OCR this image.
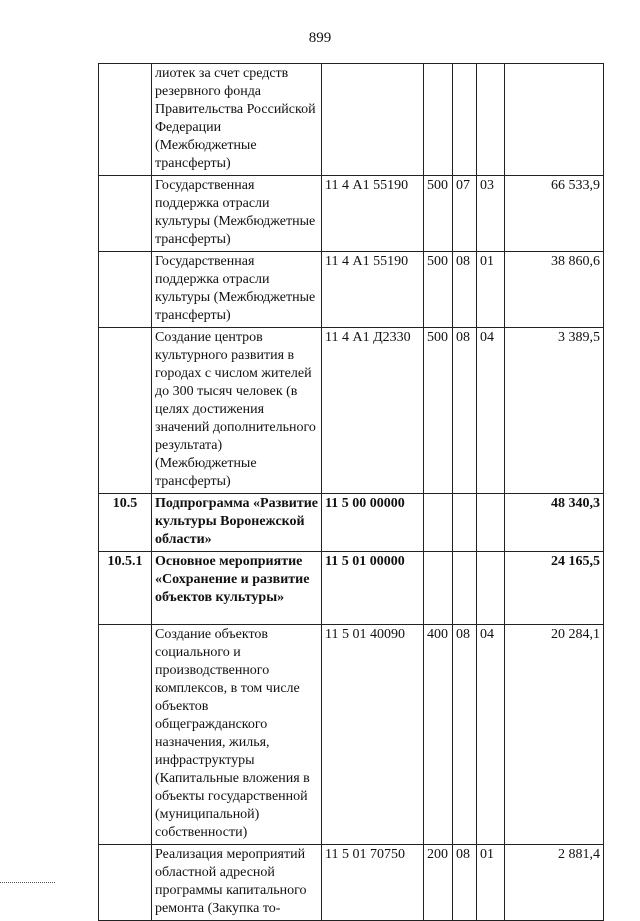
899
	лиотек за счет средств резервного фонда Правительства Российской Федерации (Межбюджетные трансферты)					
	Государственная поддержка отрасли культуры (Межбюджетные трансферты)	11 4 А1 55190	500	07	03	66 533,9
	Государственная поддержка отрасли культуры (Межбюджетные трансферты)	11 4 А1 55190	500	08	01	38 860,6
	Создание центров культурного развития в городах с числом жителей до 300 тысяч человек (в целях достижения значений дополнительного результата) (Межбюджетные трансферты)	11 4 А1 Д2330	500	08	04	3 389,5
10.5	Подпрограмма «Развитие культуры Воронежской области»	11 5 00 00000				48 340,3
10.5.1	Основное мероприятие «Сохранение и развитие объектов культуры»	11 5 01 00000				24 165,5
	Создание объектов социального и производственного комплексов, в том числе объектов общегражданского назначения, жилья, инфраструктуры (Капитальные вложения в объекты государственной (муниципальной) собственности)	11 5 01 40090	400	08	04	20 284,1
	Реализация мероприятий областной адресной программы капитального ремонта (Закупка то-	11 5 01 70750	200	08	01	2 881,4
